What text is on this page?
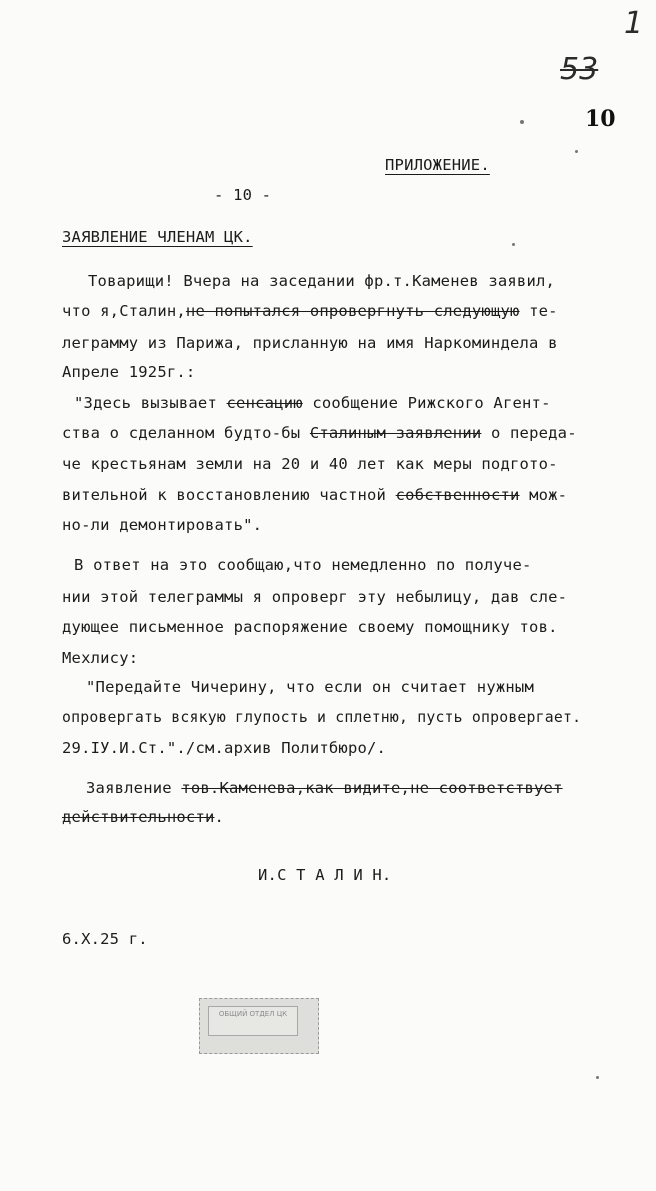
1
53
10
ПРИЛОЖЕНИЕ.
- 10 -
ЗАЯВЛЕНИЕ ЧЛЕНАМ ЦК.
Товарищи! Вчера на заседании фр.т.Каменев заявил,
что я,Сталин,не попытался опровергнуть следующую те-
леграмму из Парижа, присланную на имя Наркоминдела в
Апреле 1925г.:
"Здесь вызывает сенсацию сообщение Рижского Агент-
ства о сделанном будто-бы Сталиным заявлении о переда-
че крестьянам земли на 20 и 40 лет как меры подгото-
вительной к восстановлению частной собственности мож-
но-ли демонтировать".
В ответ на это сообщаю,что немедленно по получе-
нии этой телеграммы я опроверг эту небылицу, дав сле-
дующее письменное распоряжение своему помощнику тов.
Мехлису:
"Передайте Чичерину, что если он считает нужным
опровергать всякую глупость и сплетню, пусть опровергает.
29.IУ.И.Ст."./см.архив Политбюро/.
Заявление тов.Каменева,как видите,не соответствует
действительности.
И.С Т А Л И Н.
6.Х.25 г.
ОБЩИЙ ОТДЕЛ ЦК
